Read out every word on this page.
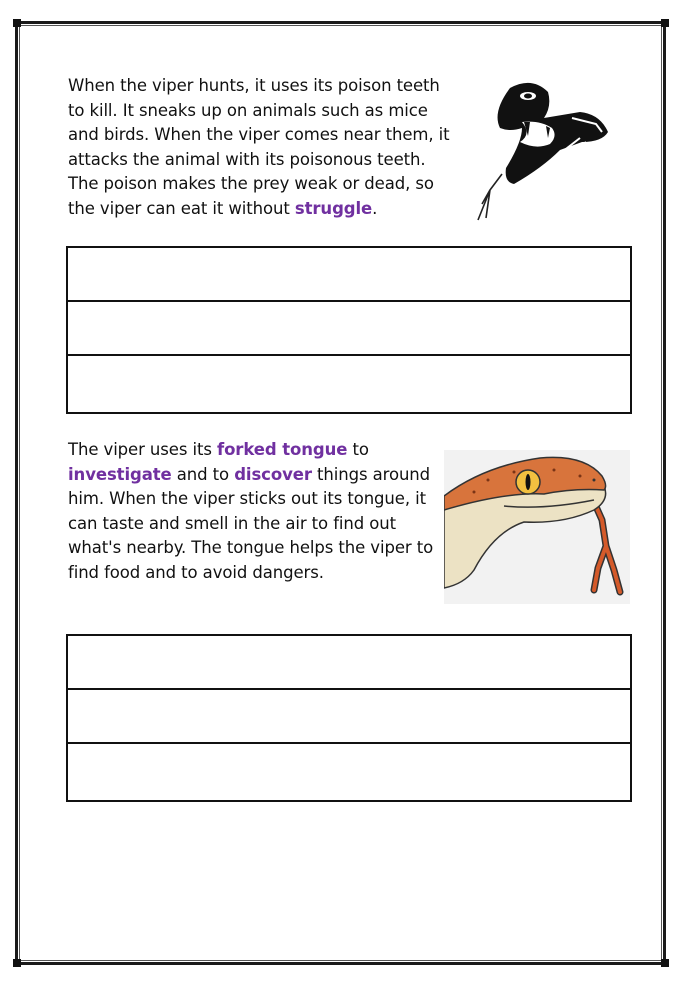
When the viper hunts, it uses its poison teeth to kill. It sneaks up on animals such as mice and birds. When the viper comes near them, it attacks the animal with its poisonous teeth. The poison makes the prey weak or dead, so the viper can eat it without struggle.

The viper uses its forked tongue to investigate and to discover things around him. When the viper sticks out its tongue, it can taste and smell in the air to find out what's nearby. The tongue helps the viper to find food and to avoid dangers.
